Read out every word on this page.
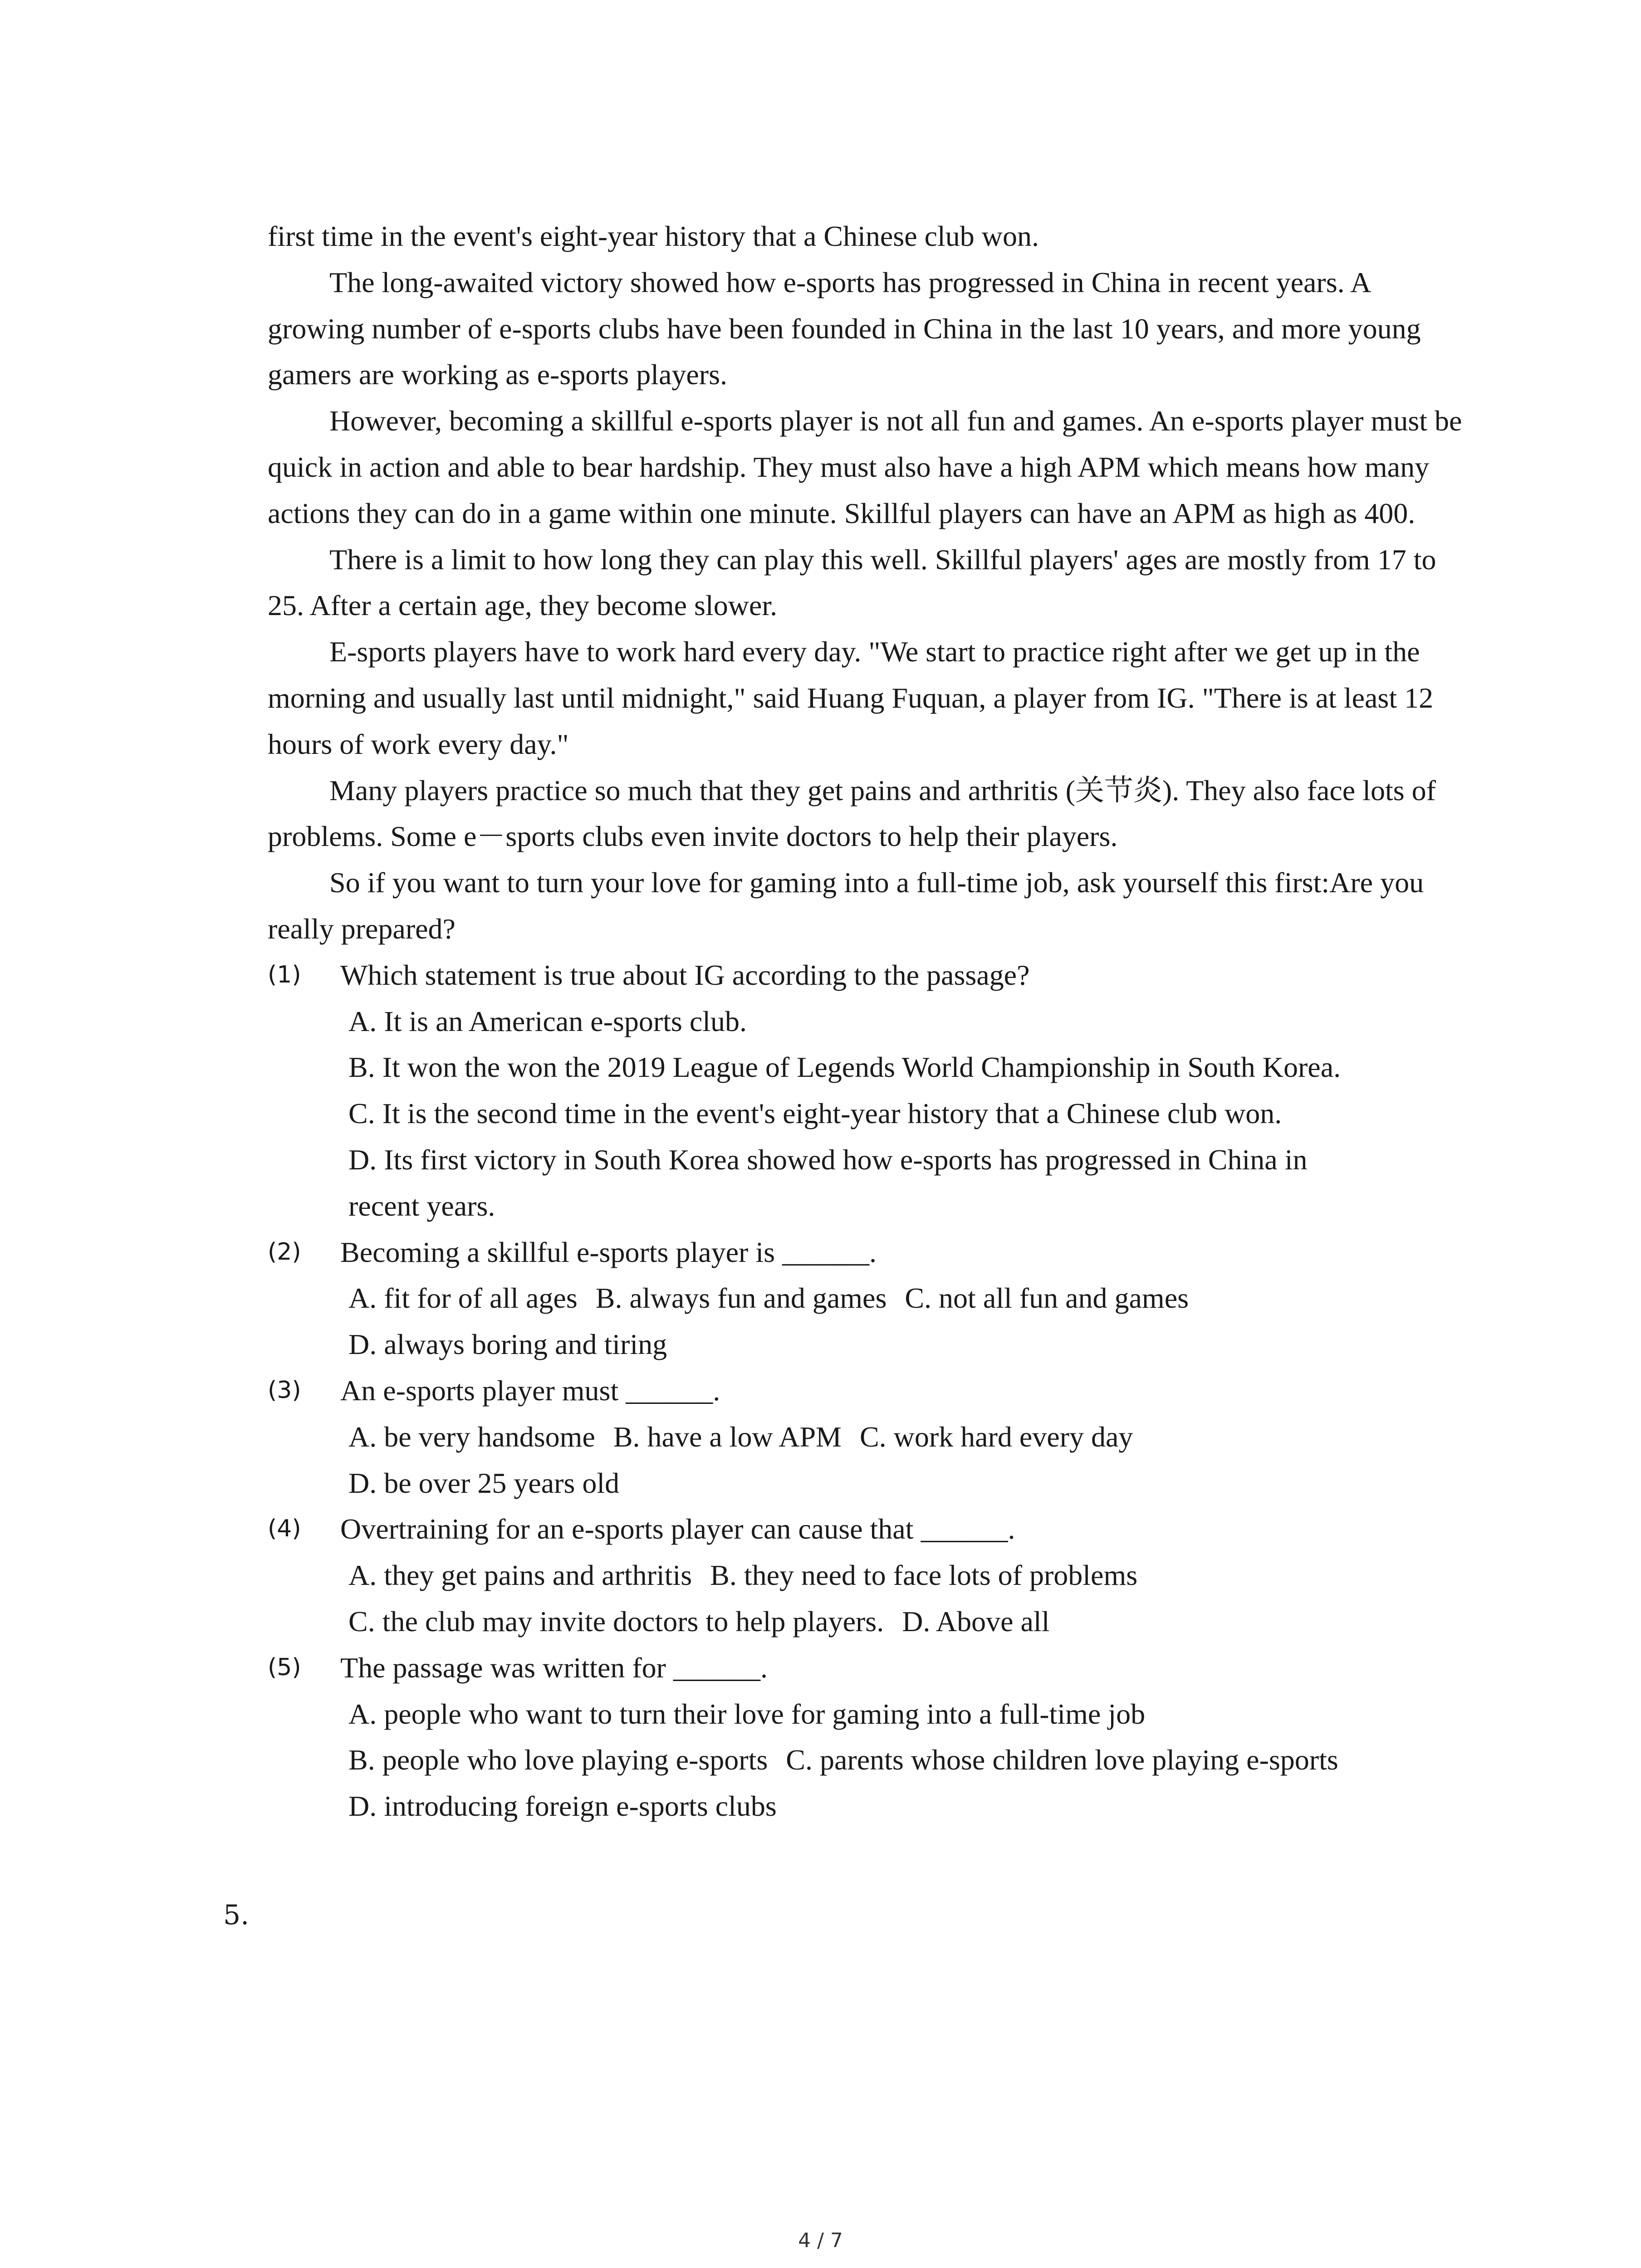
first time in the event's eight-year history that a Chinese club won.

The long-awaited victory showed how e-sports has progressed in China in recent years. A growing number of e-sports clubs have been founded in China in the last 10 years, and more young gamers are working as e-sports players.

However, becoming a skillful e-sports player is not all fun and games. An e-sports player must be quick in action and able to bear hardship. They must also have a high APM which means how many actions they can do in a game within one minute. Skillful players can have an APM as high as 400.

There is a limit to how long they can play this well. Skillful players' ages are mostly from 17 to 25. After a certain age, they become slower.

E-sports players have to work hard every day. "We start to practice right after we get up in the morning and usually last until midnight," said Huang Fuquan, a player from IG. "There is at least 12 hours of work every day."

Many players practice so much that they get pains and arthritis (关节炎). They also face lots of problems. Some e－sports clubs even invite doctors to help their players.

So if you want to turn your love for gaming into a full-time job, ask yourself this first:Are you really prepared?

(1) Which statement is true about IG according to the passage?

A. It is an American e-sports club.

B. It won the won the 2019 League of Legends World Championship in South Korea.

C. It is the second time in the event's eight-year history that a Chinese club won.

D. Its first victory in South Korea showed how e-sports has progressed in China in

recent years.

(2) Becoming a skillful e-sports player is ______.

A. fit for of all ages B. always fun and games C. not all fun and games

D. always boring and tiring

(3) An e-sports player must ______.

A. be very handsome B. have a low APM C. work hard every day

D. be over 25 years old

(4) Overtraining for an e-sports player can cause that ______.

A. they get pains and arthritis B. they need to face lots of problems

C. the club may invite doctors to help players. D. Above all

(5) The passage was written for ______.

A. people who want to turn their love for gaming into a full-time job

B. people who love playing e-sports C. parents whose children love playing e-sports

D. introducing foreign e-sports clubs

5.
4 / 7
